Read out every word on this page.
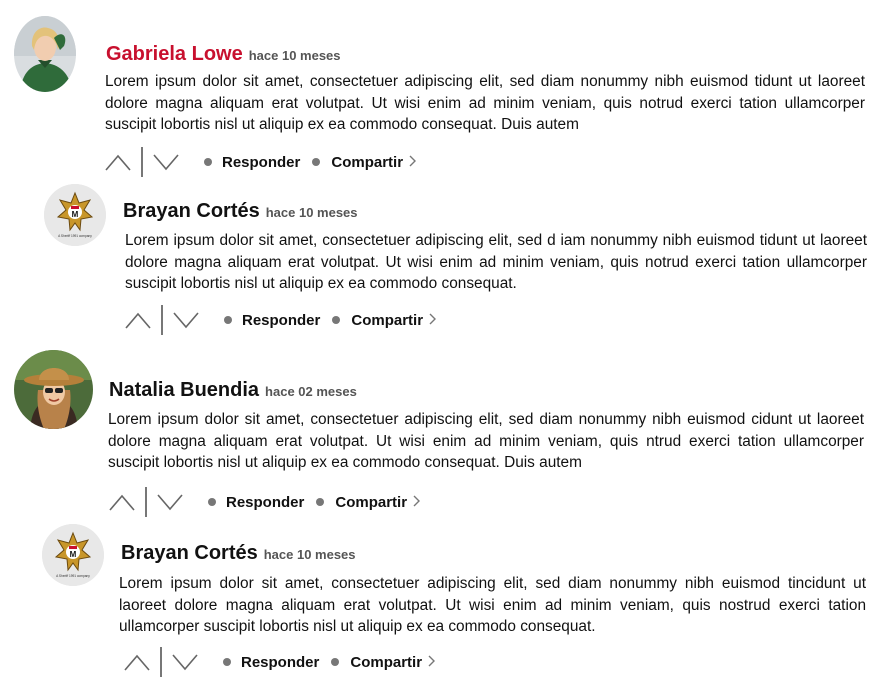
Gabriela Lowe hace 10 meses
Lorem ipsum dolor sit amet, consectetuer adipiscing elit, sed diam nonummy nibh euismod tidunt ut laoreet dolore magna aliquam erat volutpat. Ut wisi enim ad minim veniam, quis notrud exerci tation ullamcorper suscipit lobortis nisl ut aliquip ex ea commodo consequat. Duis autem
Responder Compartir
M
A Sheriff 1991 company
Brayan Cortés hace 10 meses
Lorem ipsum dolor sit amet, consectetuer adipiscing elit, sed d iam nonummy nibh euismod tidunt ut laoreet dolore magna aliquam erat volutpat. Ut wisi enim ad minim veniam, quis notrud exerci tation ullamcorper suscipit lobortis nisl ut aliquip ex ea commodo consequat.
Responder Compartir
Natalia Buendia hace 02 meses
Lorem ipsum dolor sit amet, consectetuer adipiscing elit, sed diam nonummy nibh euismod cidunt ut laoreet dolore magna aliquam erat volutpat. Ut wisi enim ad minim veniam, quis ntrud exerci tation ullamcorper suscipit lobortis nisl ut aliquip ex ea commodo consequat. Duis autem
Responder Compartir
M
A Sheriff 1991 company
Brayan Cortés hace 10 meses
Lorem ipsum dolor sit amet, consectetuer adipiscing elit, sed diam nonummy nibh euismod tincidunt ut laoreet dolore magna aliquam erat volutpat. Ut wisi enim ad minim veniam, quis nostrud exerci tation ullamcorper suscipit lobortis nisl ut aliquip ex ea commodo consequat.
Responder Compartir
